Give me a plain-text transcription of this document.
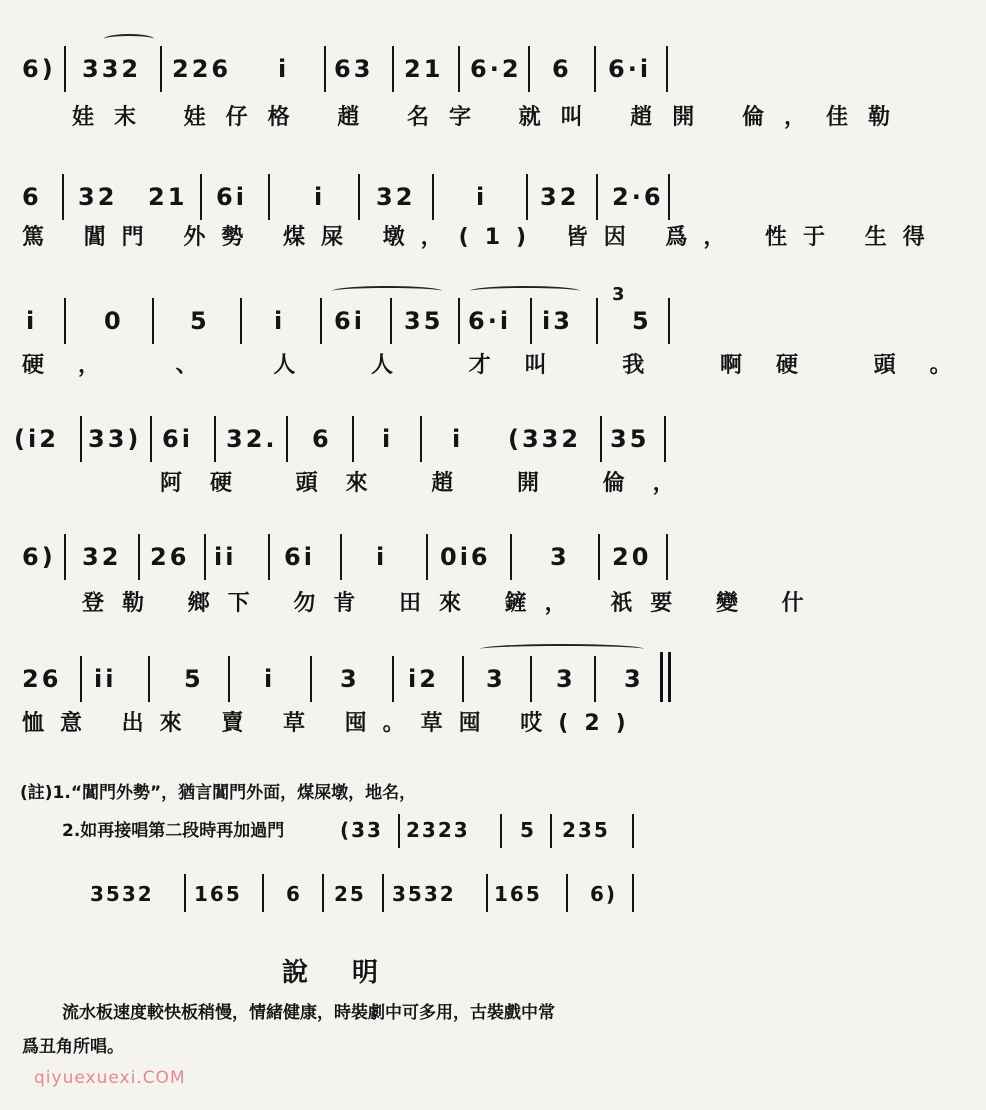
6) 332 226 i 63 21 6·2 6 6·i
娃末 娃仔格 趙 名字 就叫 趙開 倫，佳勒
6 32 21 6i	i 32	i 32 2·6
篤 閶門 外勢 煤屎 墩，(1) 皆因 爲， 性于 生得
i	0	5	i 6i 35 6·i i3
3
5
硬， 、 人 人 才叫 我 啊硬 頭。
(i2 33) 6i 32. 6 i i (332 35
阿硬 頭來 趙 開 倫，
6) 32 26 ii 6i	i 0i6 3 20
登勒 鄉下 勿肯 田來 鏟， 祇要 變 什
26 ii	5	i	3 i2 3 3 3
恤意 出來 賣 草 囤。草囤 哎(2)
(註)1.“閶門外勢”，猶言閶門外面，煤屎墩，地名，
2.如再接唱第二段時再加過門	(33 2323	5 235
3532 165 6 25 3532 165 6)
說明
流水板速度較快板稍慢，情緒健康，時裝劇中可多用，古裝戲中常
爲丑角所唱。
qiyuexuexi.COM
